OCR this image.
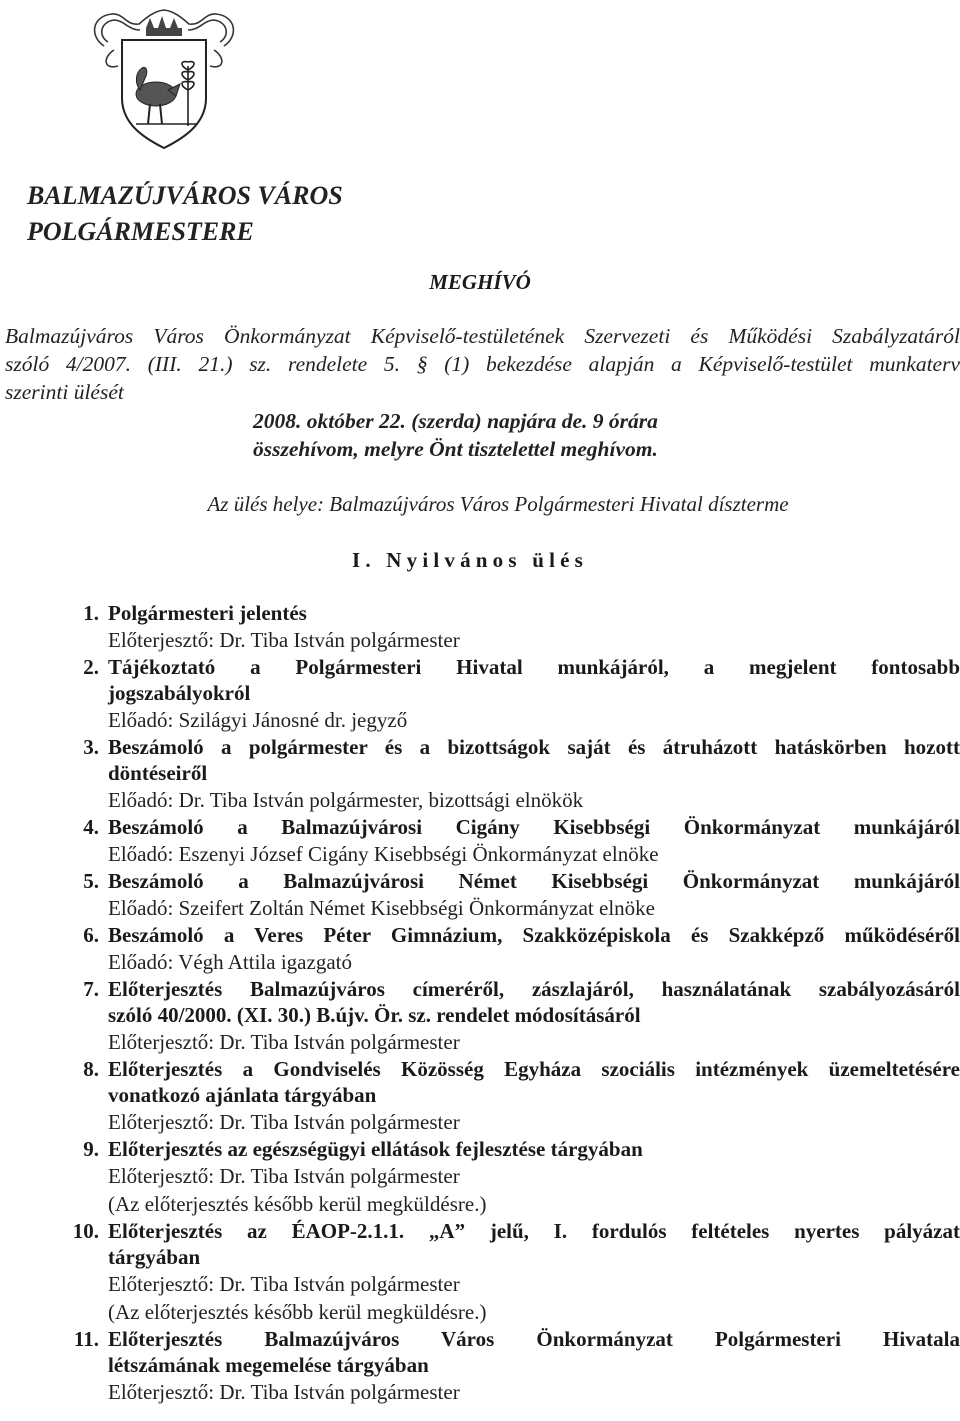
BALMAZÚJVÁROS VÁROS
POLGÁRMESTERE
MEGHÍVÓ
Balmazújváros Város Önkormányzat Képviselő-testületének Szervezeti és Működési Szabályzatáról
szóló 4/2007. (III. 21.) sz. rendelete 5. § (1) bekezdése alapján a Képviselő-testület munkaterv
szerinti ülését
2008. október 22. (szerda) napjára de. 9 órára
összehívom, melyre Önt tisztelettel meghívom.
Az ülés helye: Balmazújváros Város Polgármesteri Hivatal díszterme
I. Nyilvános ülés
1. Polgármesteri jelentés
Előterjesztő: Dr. Tiba István polgármester
2. Tájékoztató a Polgármesteri Hivatal munkájáról, a megjelent fontosabb
jogszabályokról
Előadó: Szilágyi Jánosné dr. jegyző
3. Beszámoló a polgármester és a bizottságok saját és átruházott hatáskörben hozott
döntéseiről
Előadó: Dr. Tiba István polgármester, bizottsági elnökök
4. Beszámoló a Balmazújvárosi Cigány Kisebbségi Önkormányzat munkájáról
Előadó: Eszenyi József Cigány Kisebbségi Önkormányzat elnöke
5. Beszámoló a Balmazújvárosi Német Kisebbségi Önkormányzat munkájáról
Előadó: Szeifert Zoltán Német Kisebbségi Önkormányzat elnöke
6. Beszámoló a Veres Péter Gimnázium, Szakközépiskola és Szakképző működéséről
Előadó: Végh Attila igazgató
7. Előterjesztés Balmazújváros címeréről, zászlajáról, használatának szabályozásáról
szóló 40/2000. (XI. 30.) B.újv. Ör. sz. rendelet módosításáról
Előterjesztő: Dr. Tiba István polgármester
8. Előterjesztés a Gondviselés Közösség Egyháza szociális intézmények üzemeltetésére
vonatkozó ajánlata tárgyában
Előterjesztő: Dr. Tiba István polgármester
9. Előterjesztés az egészségügyi ellátások fejlesztése tárgyában
Előterjesztő: Dr. Tiba István polgármester
(Az előterjesztés később kerül megküldésre.)
10. Előterjesztés az ÉAOP-2.1.1. „A” jelű, I. fordulós feltételes nyertes pályázat
tárgyában
Előterjesztő: Dr. Tiba István polgármester
(Az előterjesztés később kerül megküldésre.)
11. Előterjesztés Balmazújváros Város Önkormányzat Polgármesteri Hivatala
létszámának megemelése tárgyában
Előterjesztő: Dr. Tiba István polgármester
